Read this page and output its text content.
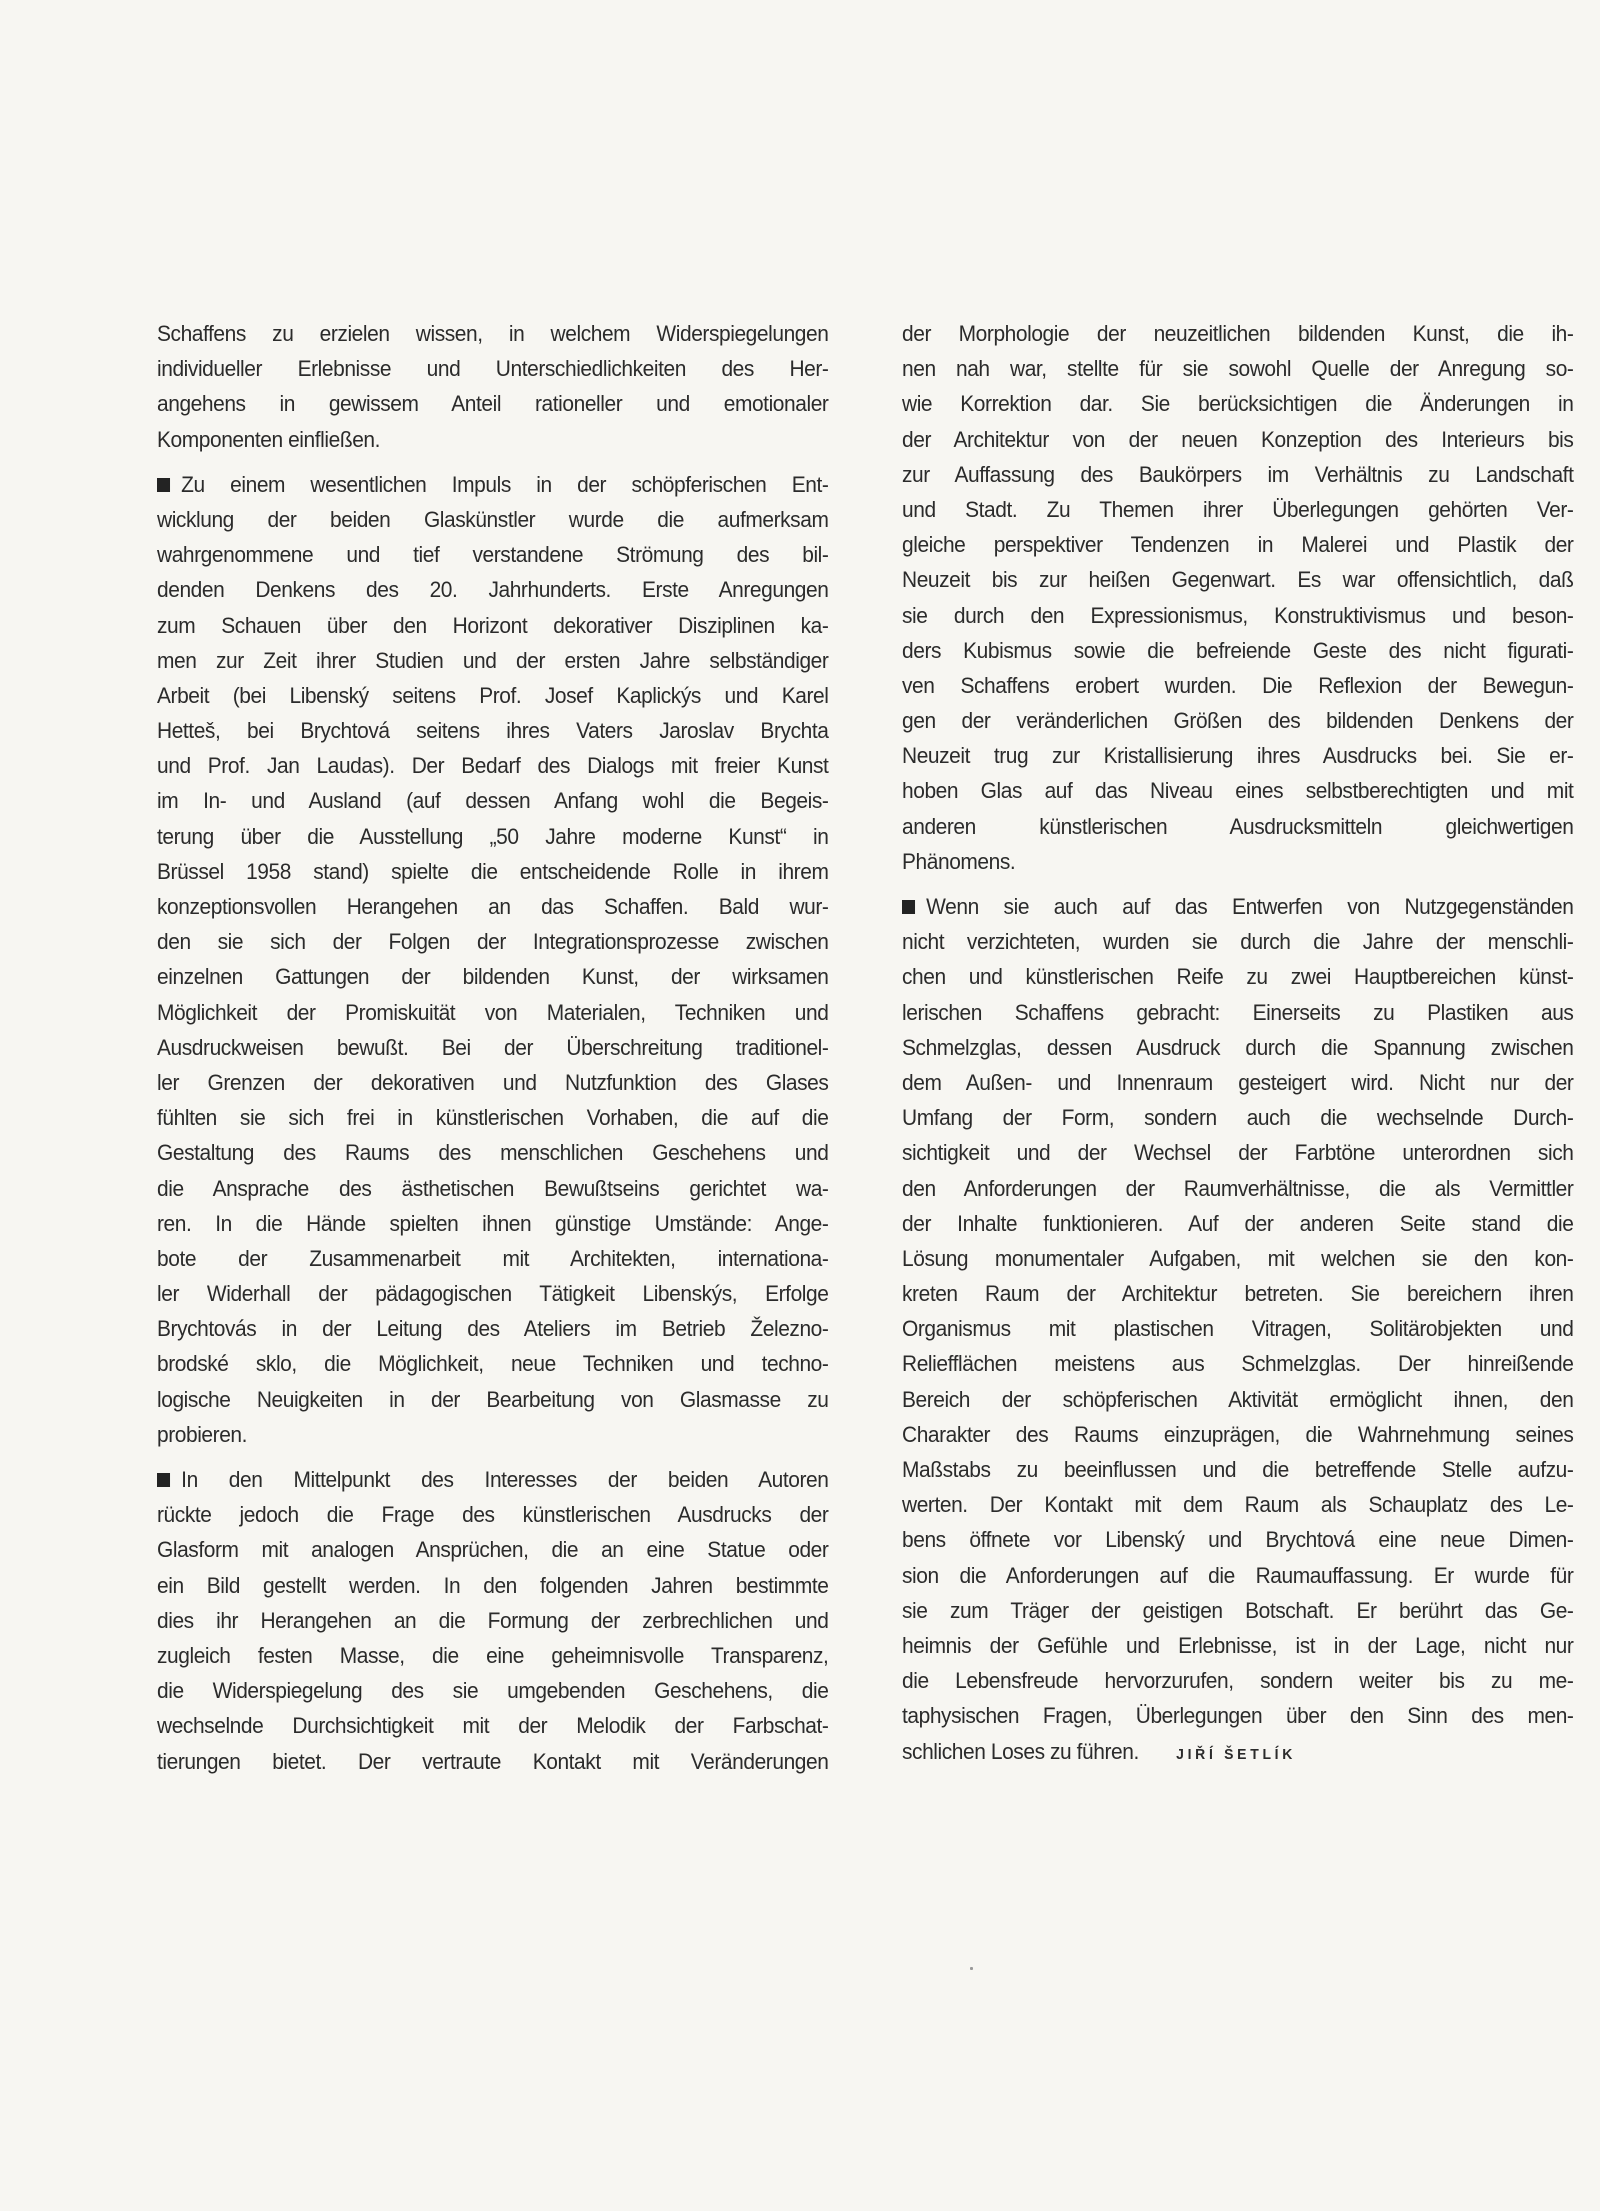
Schaffens zu erzielen wissen, in welchem Widerspiegelungen
individueller Erlebnisse und Unterschiedlichkeiten des Her-
angehens in gewissem Anteil rationeller und emotionaler
Komponenten einfließen.
Zu einem wesentlichen Impuls in der schöpferischen Ent-
wicklung der beiden Glaskünstler wurde die aufmerksam
wahrgenommene und tief verstandene Strömung des bil-
denden Denkens des 20. Jahrhunderts. Erste Anregungen
zum Schauen über den Horizont dekorativer Disziplinen ka-
men zur Zeit ihrer Studien und der ersten Jahre selbständiger
Arbeit (bei Libenský seitens Prof. Josef Kaplickýs und Karel
Hetteš, bei Brychtová seitens ihres Vaters Jaroslav Brychta
und Prof. Jan Laudas). Der Bedarf des Dialogs mit freier Kunst
im In- und Ausland (auf dessen Anfang wohl die Begeis-
terung über die Ausstellung „50 Jahre moderne Kunst“ in
Brüssel 1958 stand) spielte die entscheidende Rolle in ihrem
konzeptionsvollen Herangehen an das Schaffen. Bald wur-
den sie sich der Folgen der Integrationsprozesse zwischen
einzelnen Gattungen der bildenden Kunst, der wirksamen
Möglichkeit der Promiskuität von Materialen, Techniken und
Ausdruckweisen bewußt. Bei der Überschreitung traditionel-
ler Grenzen der dekorativen und Nutzfunktion des Glases
fühlten sie sich frei in künstlerischen Vorhaben, die auf die
Gestaltung des Raums des menschlichen Geschehens und
die Ansprache des ästhetischen Bewußtseins gerichtet wa-
ren. In die Hände spielten ihnen günstige Umstände: Ange-
bote der Zusammenarbeit mit Architekten, internationa-
ler Widerhall der pädagogischen Tätigkeit Libenskýs, Erfolge
Brychtovás in der Leitung des Ateliers im Betrieb Železno-
brodské sklo, die Möglichkeit, neue Techniken und techno-
logische Neuigkeiten in der Bearbeitung von Glasmasse zu
probieren.
In den Mittelpunkt des Interesses der beiden Autoren
rückte jedoch die Frage des künstlerischen Ausdrucks der
Glasform mit analogen Ansprüchen, die an eine Statue oder
ein Bild gestellt werden. In den folgenden Jahren bestimmte
dies ihr Herangehen an die Formung der zerbrechlichen und
zugleich festen Masse, die eine geheimnisvolle Transparenz,
die Widerspiegelung des sie umgebenden Geschehens, die
wechselnde Durchsichtigkeit mit der Melodik der Farbschat-
tierungen bietet. Der vertraute Kontakt mit Veränderungen
der Morphologie der neuzeitlichen bildenden Kunst, die ih-
nen nah war, stellte für sie sowohl Quelle der Anregung so-
wie Korrektion dar. Sie berücksichtigen die Änderungen in
der Architektur von der neuen Konzeption des Interieurs bis
zur Auffassung des Baukörpers im Verhältnis zu Landschaft
und Stadt. Zu Themen ihrer Überlegungen gehörten Ver-
gleiche perspektiver Tendenzen in Malerei und Plastik der
Neuzeit bis zur heißen Gegenwart. Es war offensichtlich, daß
sie durch den Expressionismus, Konstruktivismus und beson-
ders Kubismus sowie die befreiende Geste des nicht figurati-
ven Schaffens erobert wurden. Die Reflexion der Bewegun-
gen der veränderlichen Größen des bildenden Denkens der
Neuzeit trug zur Kristallisierung ihres Ausdrucks bei. Sie er-
hoben Glas auf das Niveau eines selbstberechtigten und mit
anderen künstlerischen Ausdrucksmitteln gleichwertigen
Phänomens.
Wenn sie auch auf das Entwerfen von Nutzgegenständen
nicht verzichteten, wurden sie durch die Jahre der menschli-
chen und künstlerischen Reife zu zwei Hauptbereichen künst-
lerischen Schaffens gebracht: Einerseits zu Plastiken aus
Schmelzglas, dessen Ausdruck durch die Spannung zwischen
dem Außen- und Innenraum gesteigert wird. Nicht nur der
Umfang der Form, sondern auch die wechselnde Durch-
sichtigkeit und der Wechsel der Farbtöne unterordnen sich
den Anforderungen der Raumverhältnisse, die als Vermittler
der Inhalte funktionieren. Auf der anderen Seite stand die
Lösung monumentaler Aufgaben, mit welchen sie den kon-
kreten Raum der Architektur betreten. Sie bereichern ihren
Organismus mit plastischen Vitragen, Solitärobjekten und
Reliefflächen meistens aus Schmelzglas. Der hinreißende
Bereich der schöpferischen Aktivität ermöglicht ihnen, den
Charakter des Raums einzuprägen, die Wahrnehmung seines
Maßstabs zu beeinflussen und die betreffende Stelle aufzu-
werten. Der Kontakt mit dem Raum als Schauplatz des Le-
bens öffnete vor Libenský und Brychtová eine neue Dimen-
sion die Anforderungen auf die Raumauffassung. Er wurde für
sie zum Träger der geistigen Botschaft. Er berührt das Ge-
heimnis der Gefühle und Erlebnisse, ist in der Lage, nicht nur
die Lebensfreude hervorzurufen, sondern weiter bis zu me-
taphysischen Fragen, Überlegungen über den Sinn des men-
schlichen Loses zu führen. JIŘÍ ŠETLÍK
